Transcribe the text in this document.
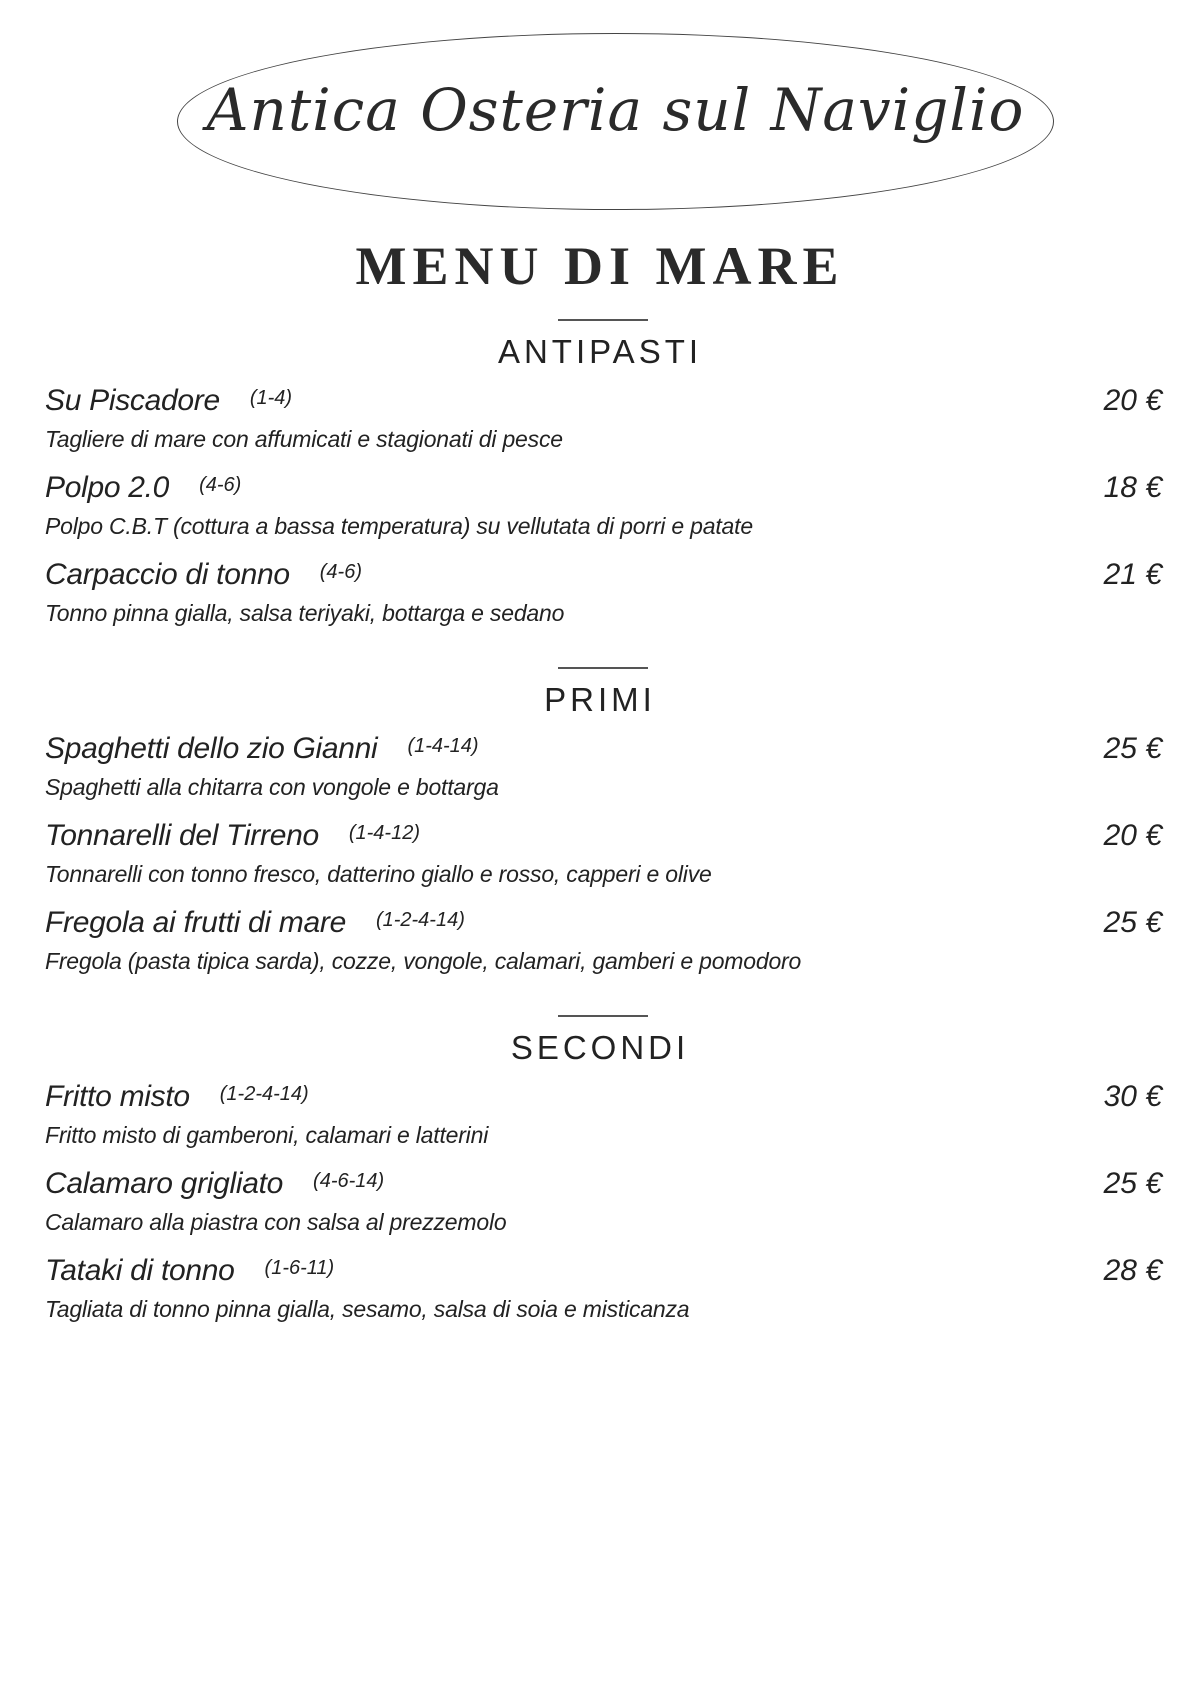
Antica Osteria sul Naviglio
MENU DI MARE
ANTIPASTI
Su Piscadore $^{(1-4)}$	20 €
Tagliere di mare con affumicati e stagionati di pesce
Polpo 2.0 $^{(4-6)}$	18 €
Polpo C.B.T (cottura a bassa temperatura) su vellutata di porri e patate
Carpaccio di tonno $^{(4-6)}$	21 €
Tonno pinna gialla, salsa teriyaki, bottarga e sedano
PRIMI
Spaghetti dello zio Gianni $^{(1-4-14)}$	25 €
Spaghetti alla chitarra con vongole e bottarga
Tonnarelli del Tirreno $^{(1-4-12)}$	20 €
Tonnarelli con tonno fresco, datterino giallo e rosso, capperi e olive
Fregola ai frutti di mare $^{(1-2-4-14)}$	25 €
Fregola (pasta tipica sarda), cozze, vongole, calamari, gamberi e pomodoro
SECONDI
Fritto misto $^{(1-2-4-14)}$	30 €
Fritto misto di gamberoni, calamari e latterini
Calamaro grigliato $^{(4-6-14)}$	25 €
Calamaro alla piastra con salsa al prezzemolo
Tataki di tonno $^{(1-6-11)}$	28 €
Tagliata di tonno pinna gialla, sesamo, salsa di soia e misticanza
